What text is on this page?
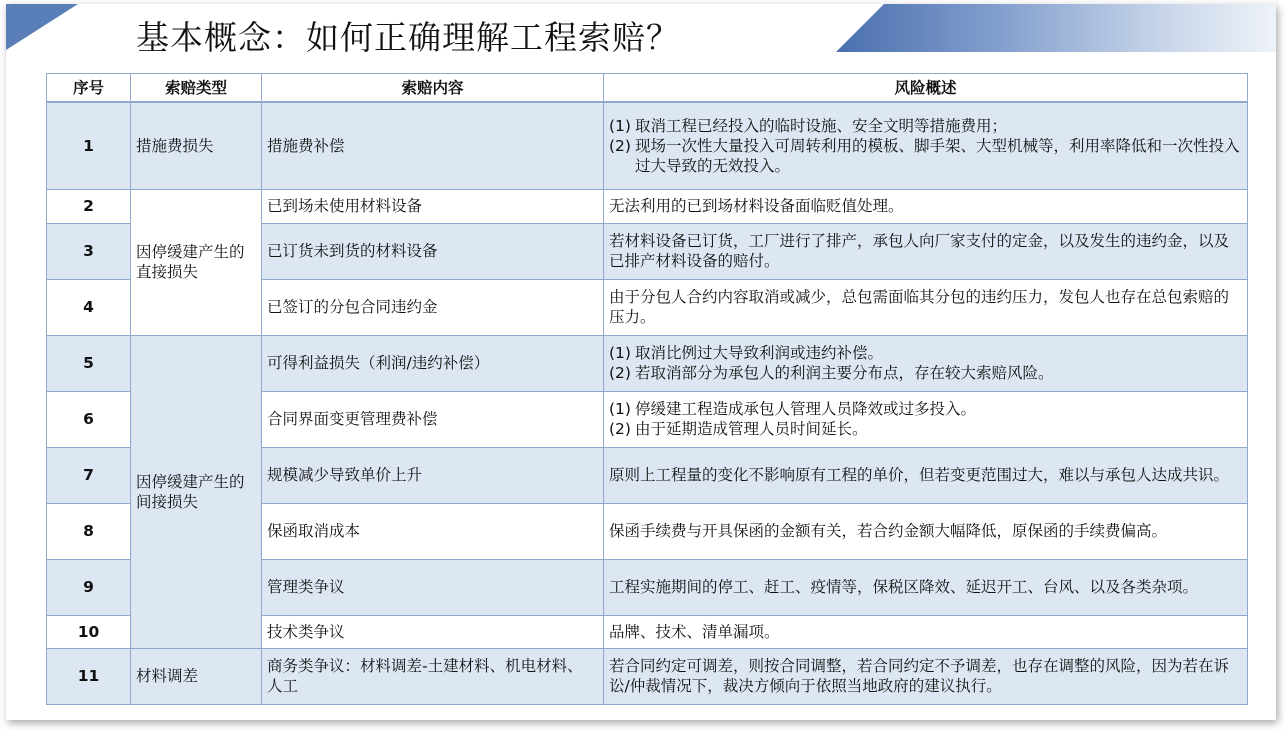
基本概念：如何正确理解工程索赔？
序号	索赔类型	索赔内容	风险概述
1	措施费损失	措施费补偿	(1) 取消工程已经投入的临时设施、安全文明等措施费用；
(2) 现场一次性大量投入可周转利用的模板、脚手架、大型机械等，利用率降低和一次性投入过大导致的无效投入。

2	因停缓建产生的直接损失	已到场未使用材料设备	无法利用的已到场材料设备面临贬值处理。
3		已订货未到货的材料设备	若材料设备已订货，工厂进行了排产，承包人向厂家支付的定金，以及发生的违约金，以及已排产材料设备的赔付。
4		已签订的分包合同违约金	由于分包人合约内容取消或减少，总包需面临其分包的违约压力，发包人也存在总包索赔的压力。
5	因停缓建产生的间接损失	可得利益损失（利润/违约补偿）	(1) 取消比例过大导致利润或违约补偿。
(2) 若取消部分为承包人的利润主要分布点，存在较大索赔风险。

6		合同界面变更管理费补偿	(1) 停缓建工程造成承包人管理人员降效或过多投入。
(2) 由于延期造成管理人员时间延长。

7		规模减少导致单价上升	原则上工程量的变化不影响原有工程的单价，但若变更范围过大，难以与承包人达成共识。
8		保函取消成本	保函手续费与开具保函的金额有关，若合约金额大幅降低，原保函的手续费偏高。
9		管理类争议	工程实施期间的停工、赶工、疫情等，保税区降效、延迟开工、台风、以及各类杂项。
10		技术类争议	品牌、技术、清单漏项。
11	材料调差	商务类争议：材料调差-土建材料、机电材料、人工	若合同约定可调差，则按合同调整，若合同约定不予调差，也存在调整的风险，因为若在诉讼/仲裁情况下，裁决方倾向于依照当地政府的建议执行。
